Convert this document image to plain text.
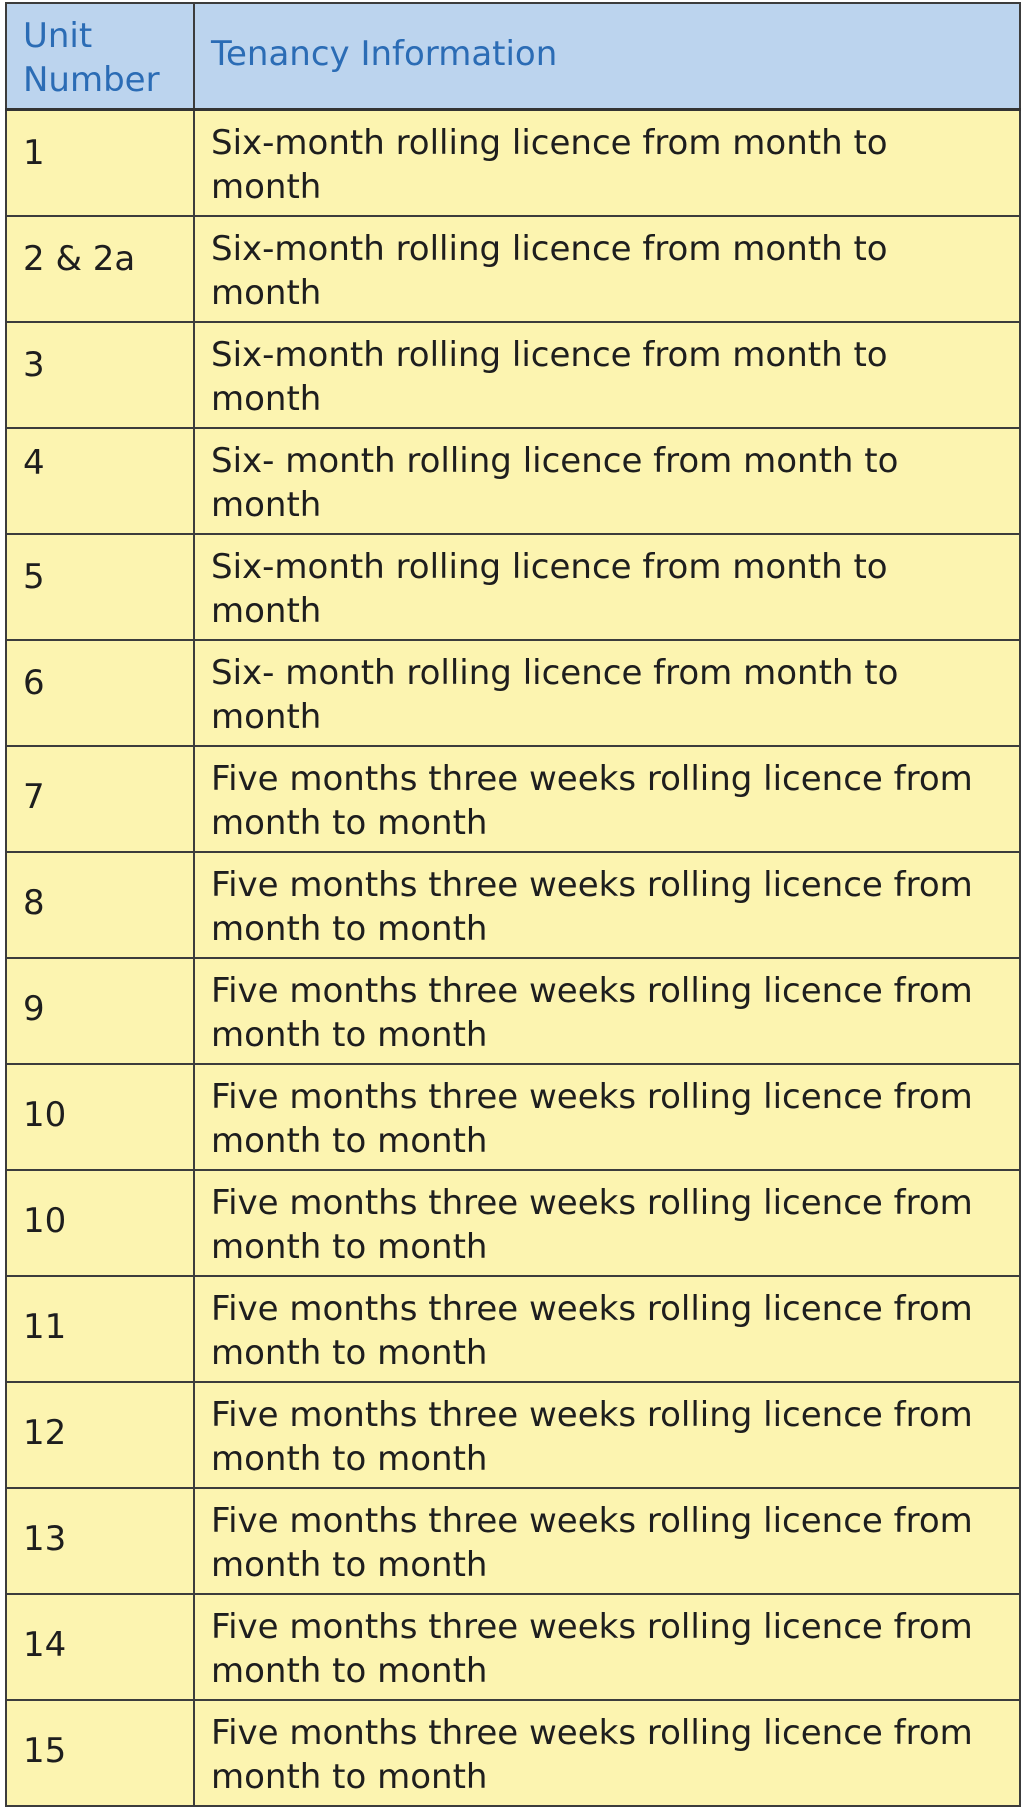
Unit Number	Tenancy Information
1	Six-month rolling licence from month to month
2 & 2a	Six-month rolling licence from month to month
3	Six-month rolling licence from month to month
4	Six- month rolling licence from month to month
5	Six-month rolling licence from month to month
6	Six- month rolling licence from month to month
7	Five months three weeks rolling licence from month to month
8	Five months three weeks rolling licence from month to month
9	Five months three weeks rolling licence from month to month
10	Five months three weeks rolling licence from month to month
10	Five months three weeks rolling licence from month to month
11	Five months three weeks rolling licence from month to month
12	Five months three weeks rolling licence from month to month
13	Five months three weeks rolling licence from month to month
14	Five months three weeks rolling licence from month to month
15	Five months three weeks rolling licence from month to month
